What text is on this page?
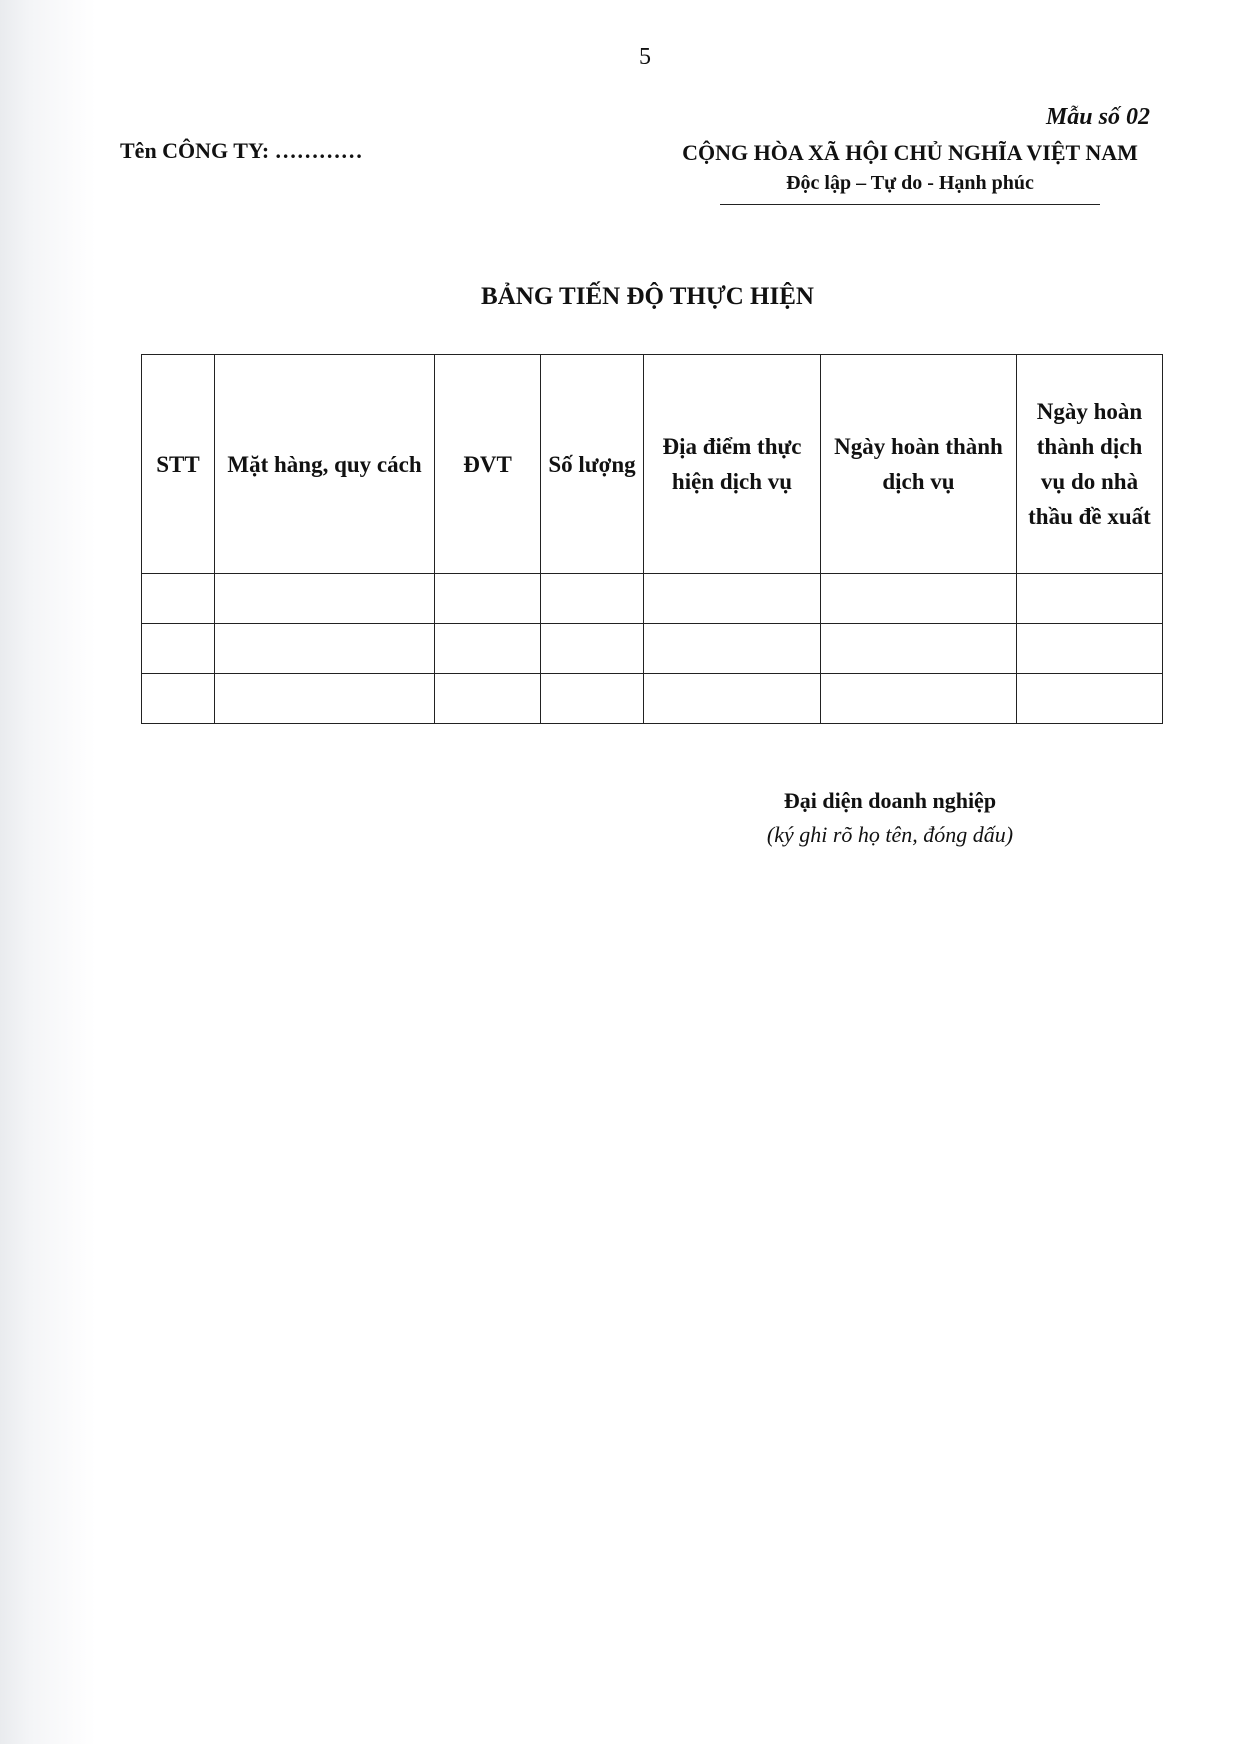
5
Mẫu số 02
Tên CÔNG TY: …………	CỘNG HÒA XÃ HỘI CHỦ NGHĨA VIỆT NAM
Độc lập – Tự do - Hạnh phúc
BẢNG TIẾN ĐỘ THỰC HIỆN
STT	Mặt hàng, quy cách	ĐVT	Số lượng	Địa điểm thực hiện dịch vụ	Ngày hoàn thành dịch vụ	Ngày hoàn thành dịch vụ do nhà thầu đề xuất

Đại diện doanh nghiệp
(ký ghi rõ họ tên, đóng dấu)
